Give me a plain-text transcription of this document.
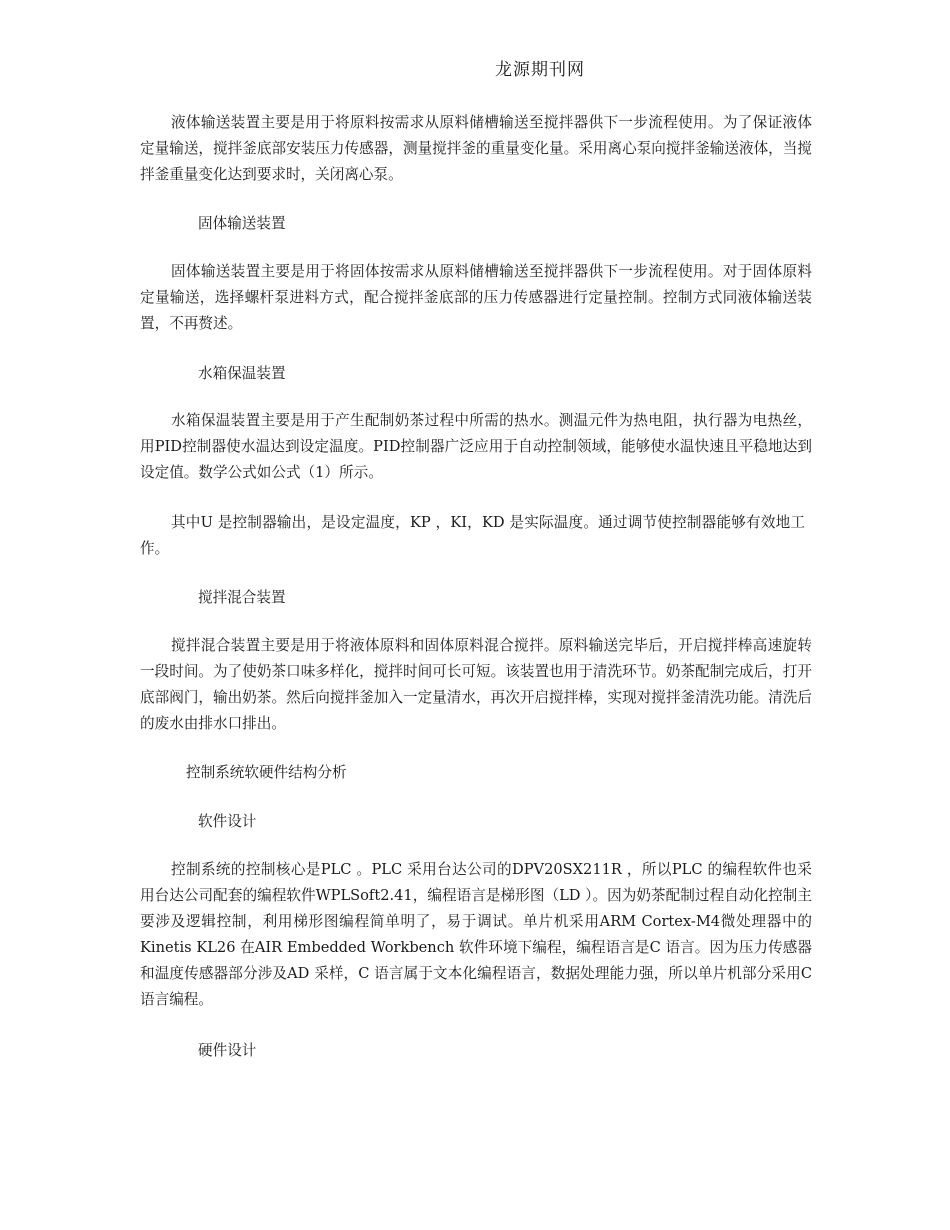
龙源期刊网

液体输送装置主要是用于将原料按需求从原料储槽输送至搅拌器供下一步流程使用。为了保证液体定量输送，搅拌釜底部安装压力传感器，测量搅拌釜的重量变化量。采用离心泵向搅拌釜输送液体，当搅拌釜重量变化达到要求时，关闭离心泵。

固体输送装置

固体输送装置主要是用于将固体按需求从原料储槽输送至搅拌器供下一步流程使用。对于固体原料定量输送，选择螺杆泵进料方式，配合搅拌釜底部的压力传感器进行定量控制。控制方式同液体输送装置，不再赘述。

水箱保温装置

水箱保温装置主要是用于产生配制奶茶过程中所需的热水。测温元件为热电阻，执行器为电热丝，用PID控制器使水温达到设定温度。PID控制器广泛应用于自动控制领域，能够使水温快速且平稳地达到设定值。数学公式如公式（1）所示。

其中U 是控制器输出，是设定温度，KP ，KI，KD 是实际温度。通过调节使控制器能够有效地工作。

搅拌混合装置

搅拌混合装置主要是用于将液体原料和固体原料混合搅拌。原料输送完毕后，开启搅拌棒高速旋转一段时间。为了使奶茶口味多样化，搅拌时间可长可短。该装置也用于清洗环节。奶茶配制完成后，打开底部阀门，输出奶茶。然后向搅拌釜加入一定量清水，再次开启搅拌棒，实现对搅拌釜清洗功能。清洗后的废水由排水口排出。

控制系统软硬件结构分析

软件设计

控制系统的控制核心是PLC 。PLC 采用台达公司的DPV20SX211R ，所以PLC 的编程软件也采用台达公司配套的编程软件WPLSoft2.41，编程语言是梯形图（LD ）。因为奶茶配制过程自动化控制主要涉及逻辑控制，利用梯形图编程简单明了，易于调试。单片机采用ARM Cortex-M4微处理器中的Kinetis KL26 在AIR Embedded Workbench 软件环境下编程，编程语言是C 语言。因为压力传感器和温度传感器部分涉及AD 采样，C 语言属于文本化编程语言，数据处理能力强，所以单片机部分采用C 语言编程。

硬件设计
